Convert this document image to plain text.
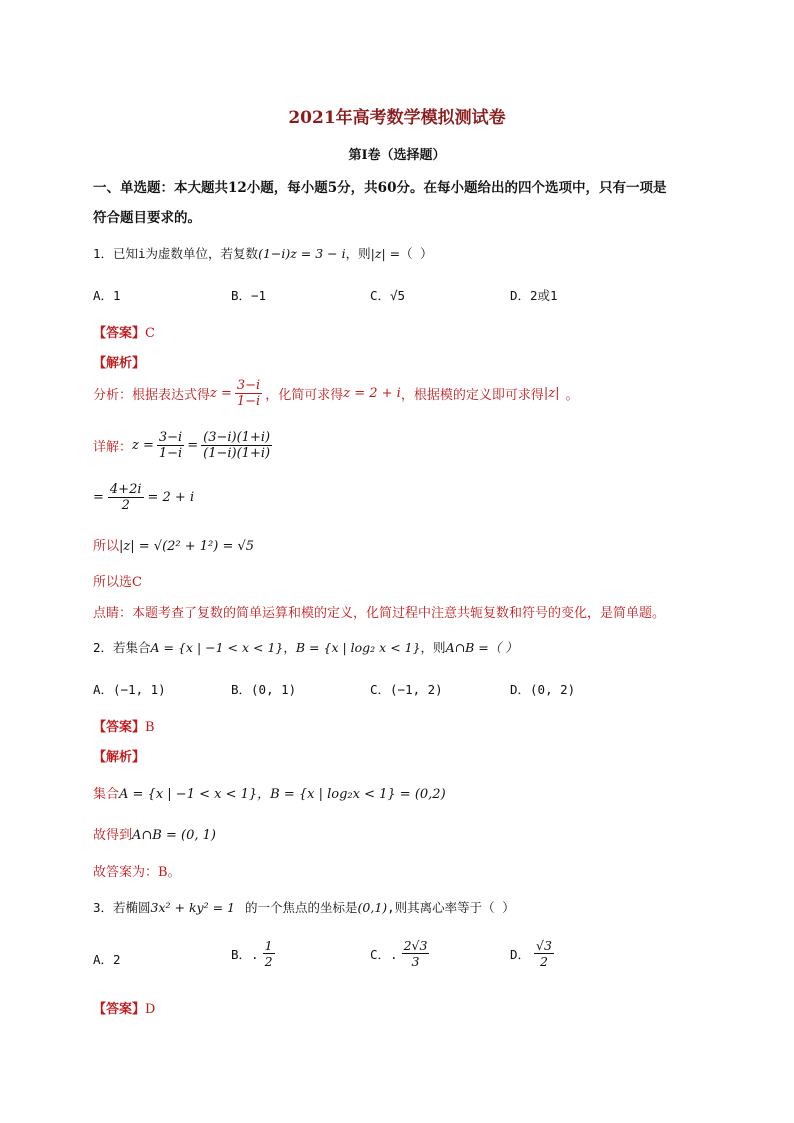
2021年高考数学模拟测试卷
第Ⅰ卷（选择题）
一、单选题：本大题共12小题，每小题5分，共60分。在每小题给出的四个选项中，只有一项是
符合题目要求的。
1．已知i为虚数单位，若复数(1−i)z = 3 − i，则|z| =（ ）
A．1	B．−1	C．√5	D．2或1
【答案】C
【解析】
分析：根据表达式得 $z = \frac{3-i}{1-i}$ ，化简可求得 z = 2 + i ，根据模的定义即可求得 |z| 。
详解： $z = \frac{3-i}{1-i} = \frac{(3-i)(1+i)}{(1-i)(1+i)}$
= $\frac{4+2i}{2} = 2 + i$
所以|z| = √(2² + 1²) = √5
所以选C
点睛：本题考查了复数的简单运算和模的定义，化简过程中注意共轭复数和符号的变化，是简单题。
2．若集合A = {x | −1 < x < 1}，B = {x | log₂ x < 1}，则A∩B =（ ）
A．(−1, 1)	B．(0, 1)	C．(−1, 2)	D．(0, 2)
【答案】B
【解析】
集合A = {x | −1 < x < 1}，B = {x | log₂x < 1} = (0,2)
故得到A∩B = (0, 1)
故答案为：B。
3．若椭圆3x² + ky² = 1 的一个焦点的坐标是(0,1),则其离心率等于（ ）
A．2	B．. $\frac{1}{2}$	C．. $\frac{2√3}{3}$	D． $\frac{√3}{2}$
【答案】D
